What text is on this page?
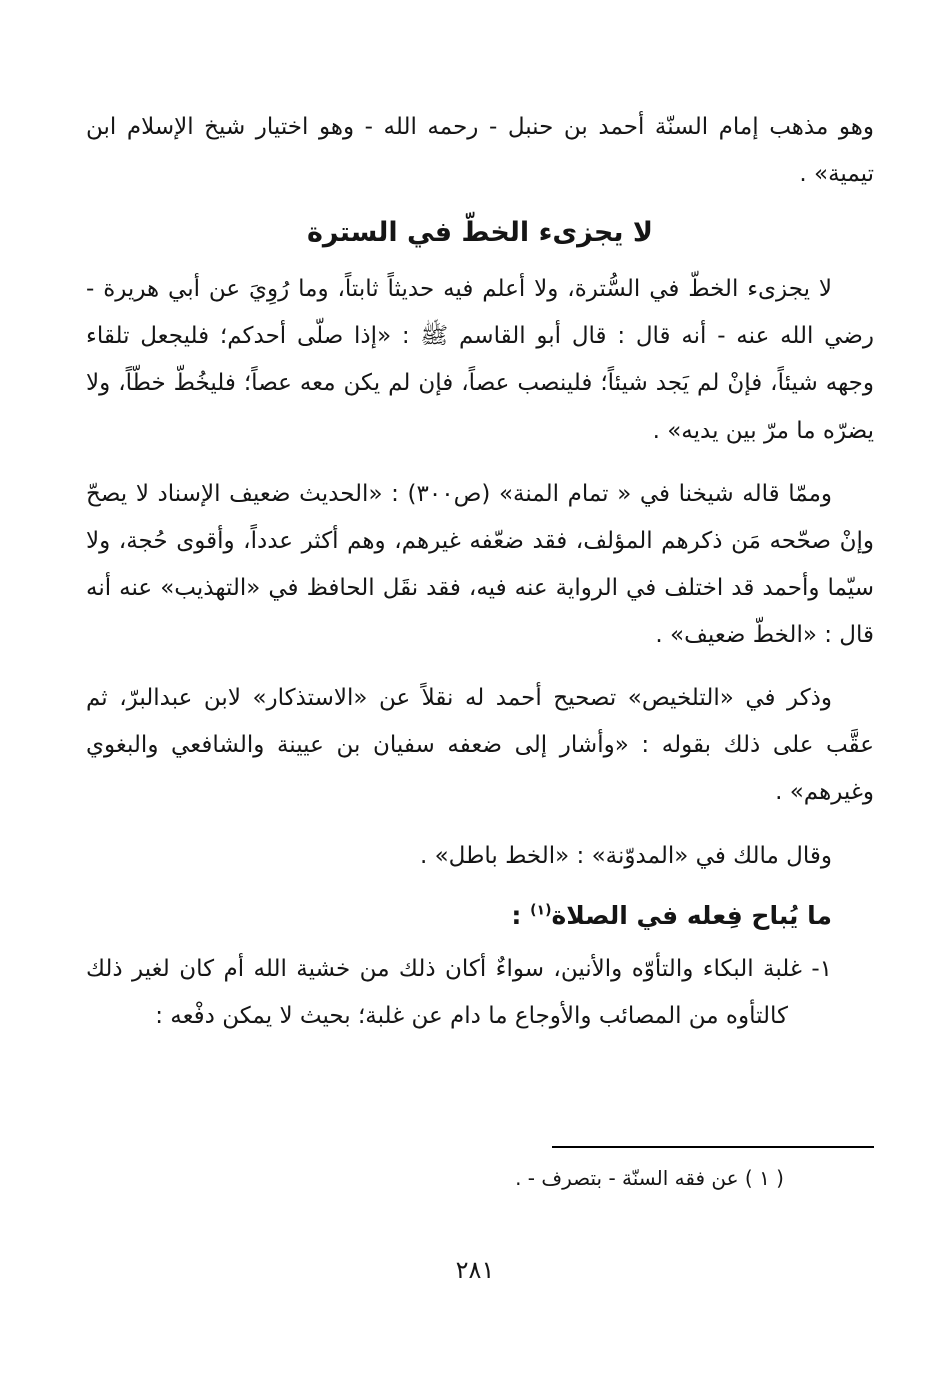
وهو مذهب إمام السنّة أحمد بن حنبل - رحمه الله - وهو اختيار شيخ الإسلام ابن تيمية» .

لا يجزىء الخطّ في السترة

لا يجزىء الخطّ في السُّترة، ولا أعلم فيه حديثاً ثابتاً، وما رُوِيَ عن أبي هريرة - رضي الله عنه - أنه قال : قال أبو القاسم ﷺ : «إذا صلّى أحدكم؛ فليجعل تلقاء وجهه شيئاً، فإنْ لم يَجد شيئاً؛ فلينصب عصاً، فإن لم يكن معه عصاً؛ فليخُطّ خطّاً، ولا يضرّه ما مرّ بين يديه» .

وممّا قاله شيخنا في « تمام المنة» (ص٣٠٠) : «الحديث ضعيف الإسناد لا يصحّ وإنْ صحّحه مَن ذكرهم المؤلف، فقد ضعّفه غيرهم، وهم أكثر عدداً، وأقوى حُجة، ولا سيّما وأحمد قد اختلف في الرواية عنه فيه، فقد نقَل الحافظ في «التهذيب» عنه أنه قال : «الخطّ ضعيف» .

وذكر في «التلخيص» تصحيح أحمد له نقلاً عن «الاستذكار» لابن عبدالبرّ، ثم عقَّب على ذلك بقوله : «وأشار إلى ضعفه سفيان بن عيينة والشافعي والبغوي وغيرهم» .

وقال مالك في «المدوّنة» : «الخط باطل» .

ما يُباح فِعله في الصلاة$^{(١)}$ :

١- غلبة البكاء والتأوّه والأنين، سواءٌ أكان ذلك من خشية الله أم كان لغير ذلك كالتأوه من المصائب والأوجاع ما دام عن غلبة؛ بحيث لا يمكن دفْعه :

( ١ ) عن فقه السنّة - بتصرف - .

٢٨١
